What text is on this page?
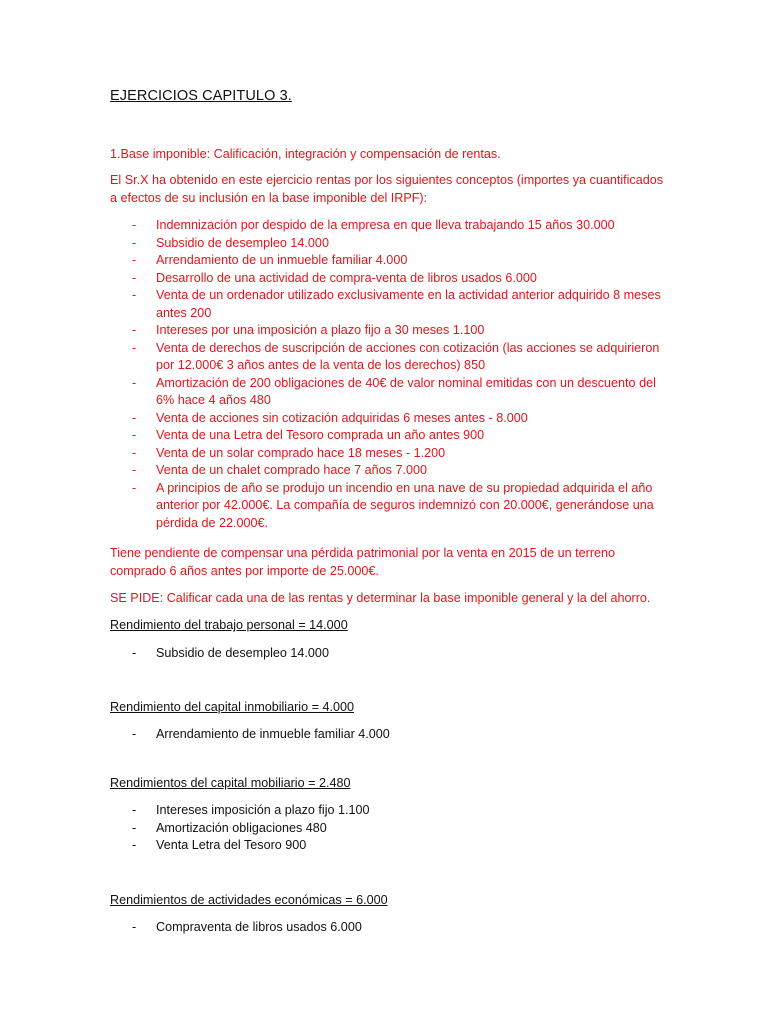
EJERCICIOS CAPITULO 3.
1.Base imponible: Calificación, integración y compensación de rentas.
El Sr.X ha obtenido en este ejercicio rentas por los siguientes conceptos (importes ya cuantificados a efectos de su inclusión en la base imponible del IRPF):
- Indemnización por despido de la empresa en que lleva trabajando 15 años 30.000
- Subsidio de desempleo 14.000
- Arrendamiento de un inmueble familiar 4.000
- Desarrollo de una actividad de compra-venta de libros usados 6.000
- Venta de un ordenador utilizado exclusivamente en la actividad anterior adquirido 8 meses antes 200
- Intereses por una imposición a plazo fijo a 30 meses 1.100
- Venta de derechos de suscripción de acciones con cotización (las acciones se adquirieron por 12.000€ 3 años antes de la venta de los derechos) 850
- Amortización de 200 obligaciones de 40€ de valor nominal emitidas con un descuento del 6% hace 4 años 480
- Venta de acciones sin cotización adquiridas 6 meses antes - 8.000
- Venta de una Letra del Tesoro comprada un año antes 900
- Venta de un solar comprado hace 18 meses - 1.200
- Venta de un chalet comprado hace 7 años 7.000
- A principios de año se produjo un incendio en una nave de su propiedad adquirida el año anterior por 42.000€. La compañía de seguros indemnizó con 20.000€, generándose una pérdida de 22.000€.
Tiene pendiente de compensar una pérdida patrimonial por la venta en 2015 de un terreno comprado 6 años antes por importe de 25.000€.
SE PIDE: Calificar cada una de las rentas y determinar la base imponible general y la del ahorro.
Rendimiento del trabajo personal = 14.000
- Subsidio de desempleo 14.000
Rendimiento del capital inmobiliario = 4.000
- Arrendamiento de inmueble familiar 4.000
Rendimientos del capital mobiliario = 2.480
- Intereses imposición a plazo fijo 1.100
- Amortización obligaciones 480
- Venta Letra del Tesoro 900
Rendimientos de actividades económicas = 6.000
- Compraventa de libros usados 6.000
